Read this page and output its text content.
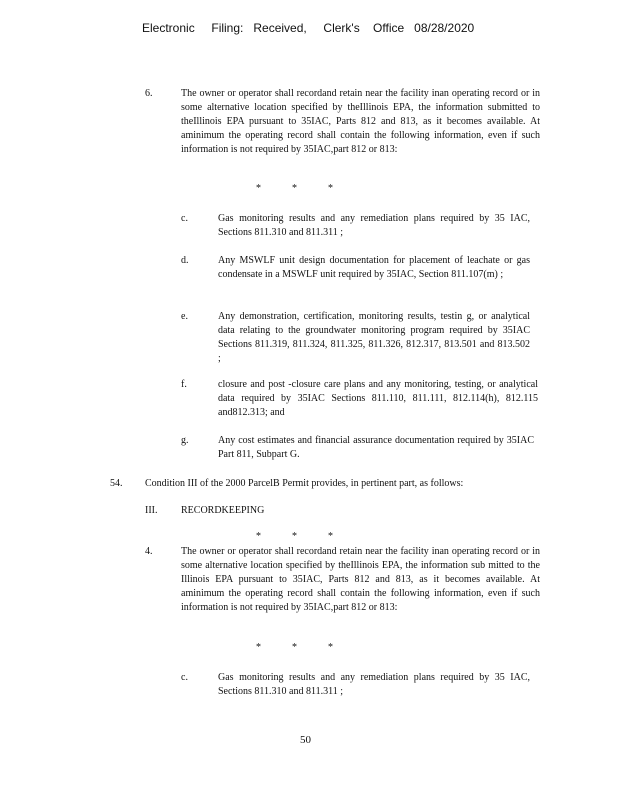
Electronic     Filing:   Received,     Clerk's    Office   08/28/2020
6.	The owner or operator shall recordand retain near the facility inan operating record or in some alternative location specified by theIllinois EPA, the information submitted to theIllinois EPA pursuant to 35IAC, Parts 812 and 813, as it becomes available. At aminimum the operating record shall contain the following information, even if such information is not required by 35IAC,part 812 or 813:
*	*	*
c.	Gas monitoring results and any remediation plans required by 35 IAC, Sections 811.310 and 811.311 ;
d.	Any MSWLF unit design documentation for placement of leachate or gas condensate in a MSWLF unit required by 35IAC, Section 811.107(m) ;
e.	Any demonstration, certification, monitoring results, testin g, or analytical data relating to the groundwater monitoring program required by 35IAC Sections 811.319, 811.324, 811.325, 811.326, 812.317, 813.501 and 813.502 ;
f.	closure and post -closure care plans and any monitoring, testing, or analytical data required by 35IAC Sections 811.110, 811.111, 812.114(h), 812.115 and812.313; and
g.	Any cost estimates and financial assurance documentation required by 35IAC Part 811, Subpart G.
54. Condition III of the 2000 ParcelB Permit provides, in pertinent part, as follows:
III. RECORDKEEPING
*	*	*
4.	The owner or operator shall recordand retain near the facility inan operating record or in some alternative location specified by theIllinois EPA, the information sub mitted to the Illinois EPA pursuant to 35IAC, Parts 812 and 813, as it becomes available. At aminimum the operating record shall contain the following information, even if such information is not required by 35IAC,part 812 or 813:
*	*	*
c.	Gas monitoring results and any remediation plans required by 35 IAC, Sections 811.310 and 811.311 ;
50
